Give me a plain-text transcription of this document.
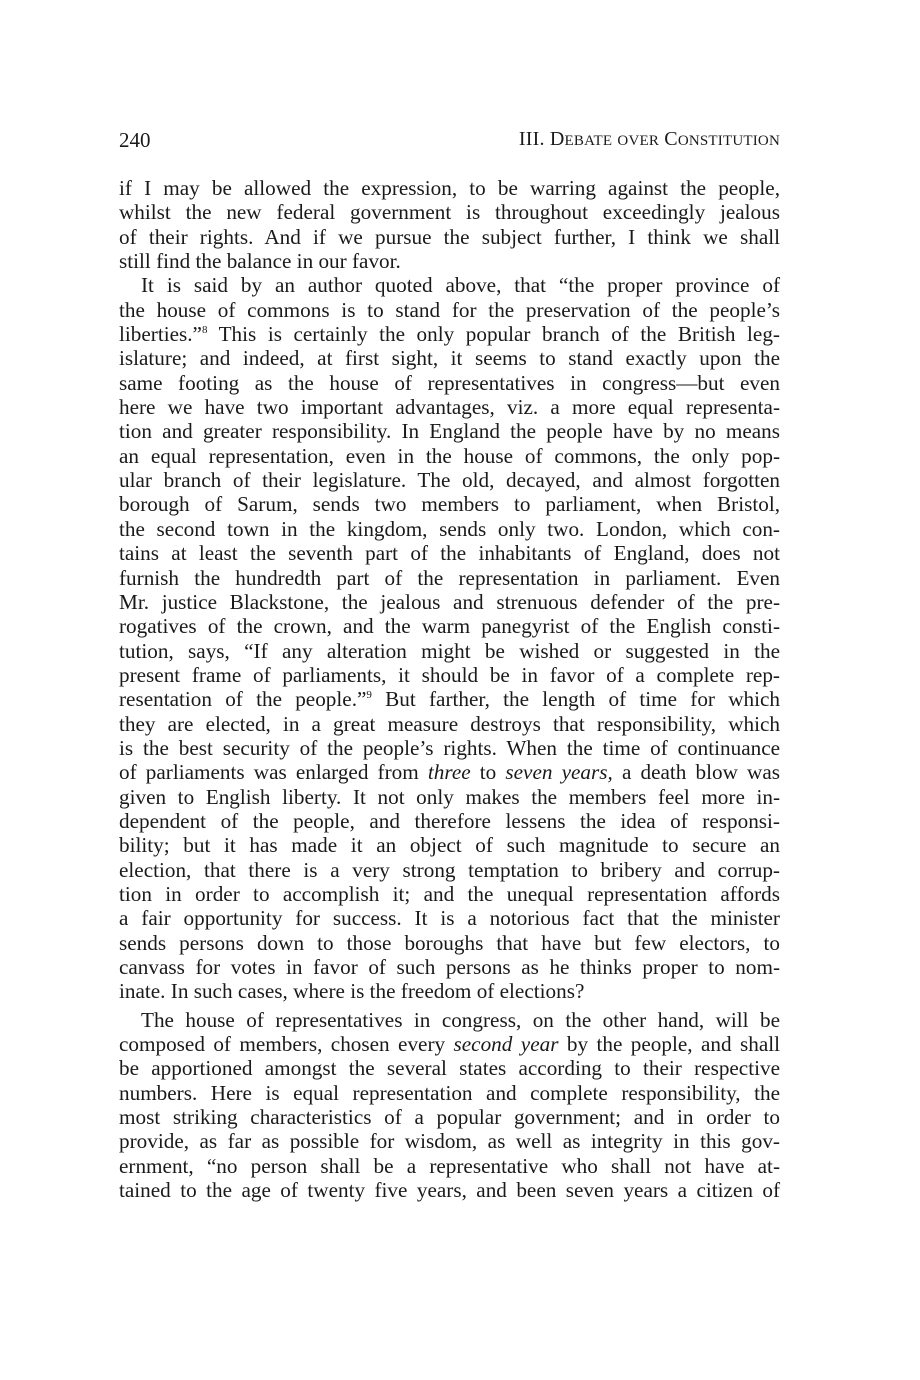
240	III. DEBATE OVER CONSTITUTION
if I may be allowed the expression, to be warring against the people,
whilst the new federal government is throughout exceedingly jealous
of their rights. And if we pursue the subject further, I think we shall
still find the balance in our favor.
It is said by an author quoted above, that “the proper province of
the house of commons is to stand for the preservation of the people’s
liberties.”$^8$ This is certainly the only popular branch of the British leg-
islature; and indeed, at first sight, it seems to stand exactly upon the
same footing as the house of representatives in congress—but even
here we have two important advantages, viz. a more equal representa-
tion and greater responsibility. In England the people have by no means
an equal representation, even in the house of commons, the only pop-
ular branch of their legislature. The old, decayed, and almost forgotten
borough of Sarum, sends two members to parliament, when Bristol,
the second town in the kingdom, sends only two. London, which con-
tains at least the seventh part of the inhabitants of England, does not
furnish the hundredth part of the representation in parliament. Even
Mr. justice Blackstone, the jealous and strenuous defender of the pre-
rogatives of the crown, and the warm panegyrist of the English consti-
tution, says, “If any alteration might be wished or suggested in the
present frame of parliaments, it should be in favor of a complete rep-
resentation of the people.”$^9$ But farther, the length of time for which
they are elected, in a great measure destroys that responsibility, which
is the best security of the people’s rights. When the time of continuance
of parliaments was enlarged from three to seven years, a death blow was
given to English liberty. It not only makes the members feel more in-
dependent of the people, and therefore lessens the idea of responsi-
bility; but it has made it an object of such magnitude to secure an
election, that there is a very strong temptation to bribery and corrup-
tion in order to accomplish it; and the unequal representation affords
a fair opportunity for success. It is a notorious fact that the minister
sends persons down to those boroughs that have but few electors, to
canvass for votes in favor of such persons as he thinks proper to nom-
inate. In such cases, where is the freedom of elections?
The house of representatives in congress, on the other hand, will be
composed of members, chosen every second year by the people, and shall
be apportioned amongst the several states according to their respective
numbers. Here is equal representation and complete responsibility, the
most striking characteristics of a popular government; and in order to
provide, as far as possible for wisdom, as well as integrity in this gov-
ernment, “no person shall be a representative who shall not have at-
tained to the age of twenty five years, and been seven years a citizen of
